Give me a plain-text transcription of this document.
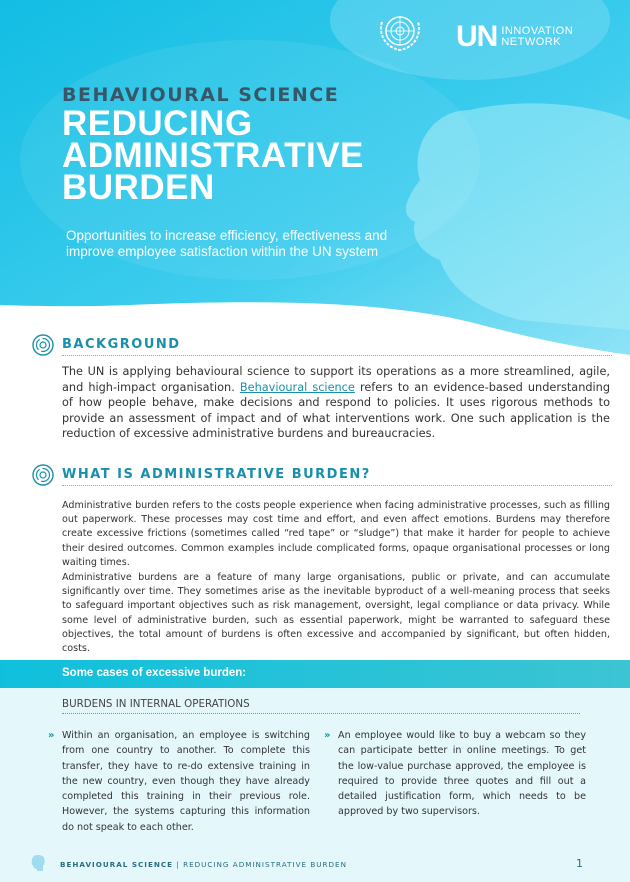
BEHAVIOURAL SCIENCE
REDUCING
ADMINISTRATIVE
BURDEN
Opportunities to increase efficiency, effectiveness and
improve employee satisfaction within the UN system
UN INNOVATION
NETWORK
BACKGROUND
The UN is applying behavioural science to support its operations as a more streamlined, agile, and high-impact organisation. Behavioural science refers to an evidence-based understanding of how people behave, make decisions and respond to policies. It uses rigorous methods to provide an assessment of impact and of what interventions work. One such application is the reduction of excessive administrative burdens and bureaucracies.
WHAT IS ADMINISTRATIVE BURDEN?
Administrative burden refers to the costs people experience when facing administrative processes, such as filling out paperwork. These processes may cost time and effort, and even affect emotions. Burdens may therefore create excessive frictions (sometimes called “red tape” or “sludge”) that make it harder for people to achieve their desired outcomes. Common examples include complicated forms, opaque organisational processes or long waiting times.
Administrative burdens are a feature of many large organisations, public or private, and can accumulate significantly over time. They sometimes arise as the inevitable byproduct of a well-meaning process that seeks to safeguard important objectives such as risk management, oversight, legal compliance or data privacy. While some level of administrative burden, such as essential paperwork, might be warranted to safeguard these objectives, the total amount of burdens is often excessive and accompanied by significant, but often hidden, costs.
Some cases of excessive burden:
BURDENS IN INTERNAL OPERATIONS
» Within an organisation, an employee is switching from one country to another. To complete this transfer, they have to re-do extensive training in the new country, even though they have already completed this training in their previous role. However, the systems capturing this information do not speak to each other.
» An employee would like to buy a webcam so they can participate better in online meetings. To get the low-value purchase approved, the employee is required to provide three quotes and fill out a detailed justification form, which needs to be approved by two supervisors.
BEHAVIOURAL SCIENCE | REDUCING ADMINISTRATIVE BURDEN	1
